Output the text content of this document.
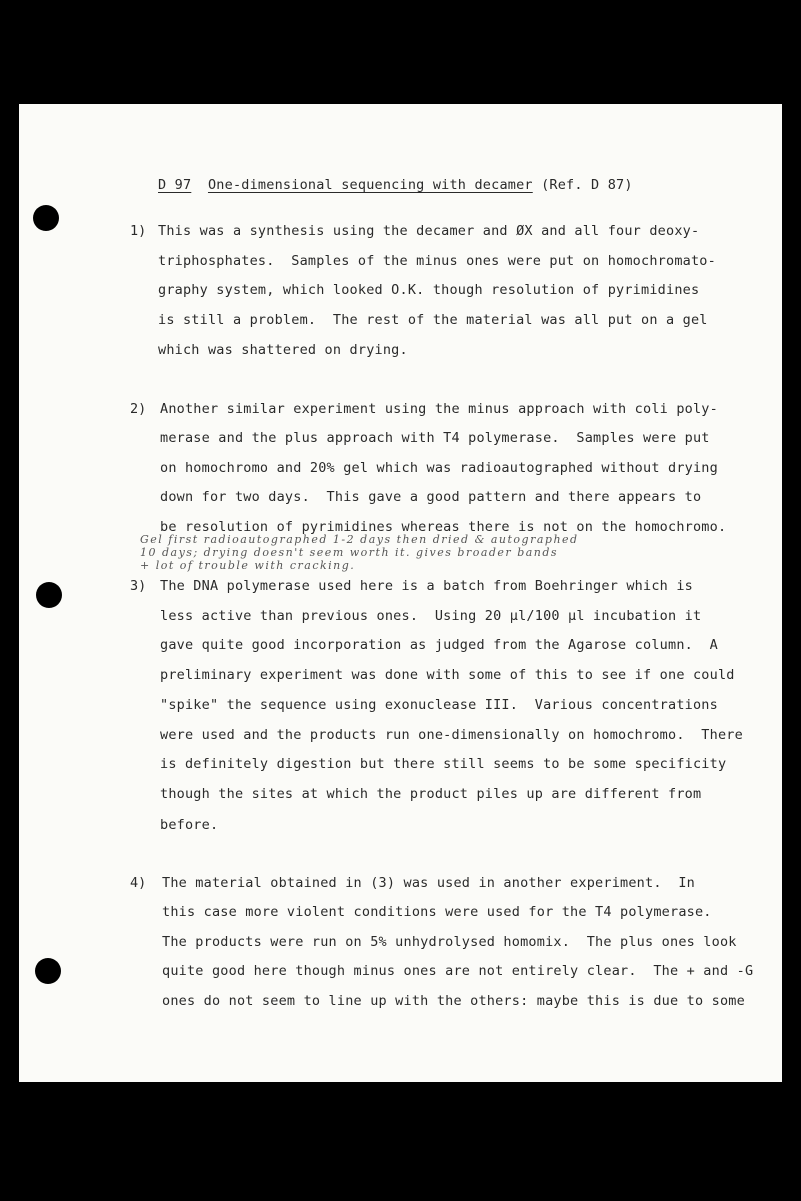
D 97 One-dimensional sequencing with decamer (Ref. D 87)
1) This was a synthesis using the decamer and ØX and all four deoxy-
triphosphates.  Samples of the minus ones were put on homochromato-
graphy system, which looked O.K. though resolution of pyrimidines
is still a problem.  The rest of the material was all put on a gel
which was shattered on drying.
2) Another similar experiment using the minus approach with coli poly-
merase and the plus approach with T4 polymerase.  Samples were put
on homochromo and 20% gel which was radioautographed without drying
down for two days.  This gave a good pattern and there appears to
be resolution of pyrimidines whereas there is not on the homochromo.
Gel first radioautographed 1-2 days then dried & autographed
10 days; drying doesn't seem worth it. gives broader bands
+ lot of trouble with cracking.
3) The DNA polymerase used here is a batch from Boehringer which is
less active than previous ones.  Using 20 µl/100 µl incubation it
gave quite good incorporation as judged from the Agarose column.  A
preliminary experiment was done with some of this to see if one could
"spike" the sequence using exonuclease III.  Various concentrations
were used and the products run one-dimensionally on homochromo.  There
is definitely digestion but there still seems to be some specificity
though the sites at which the product piles up are different from
before.
4) The material obtained in (3) was used in another experiment.  In
this case more violent conditions were used for the T4 polymerase.
The products were run on 5% unhydrolysed homomix.  The plus ones look
quite good here though minus ones are not entirely clear.  The + and -G
ones do not seem to line up with the others: maybe this is due to some
